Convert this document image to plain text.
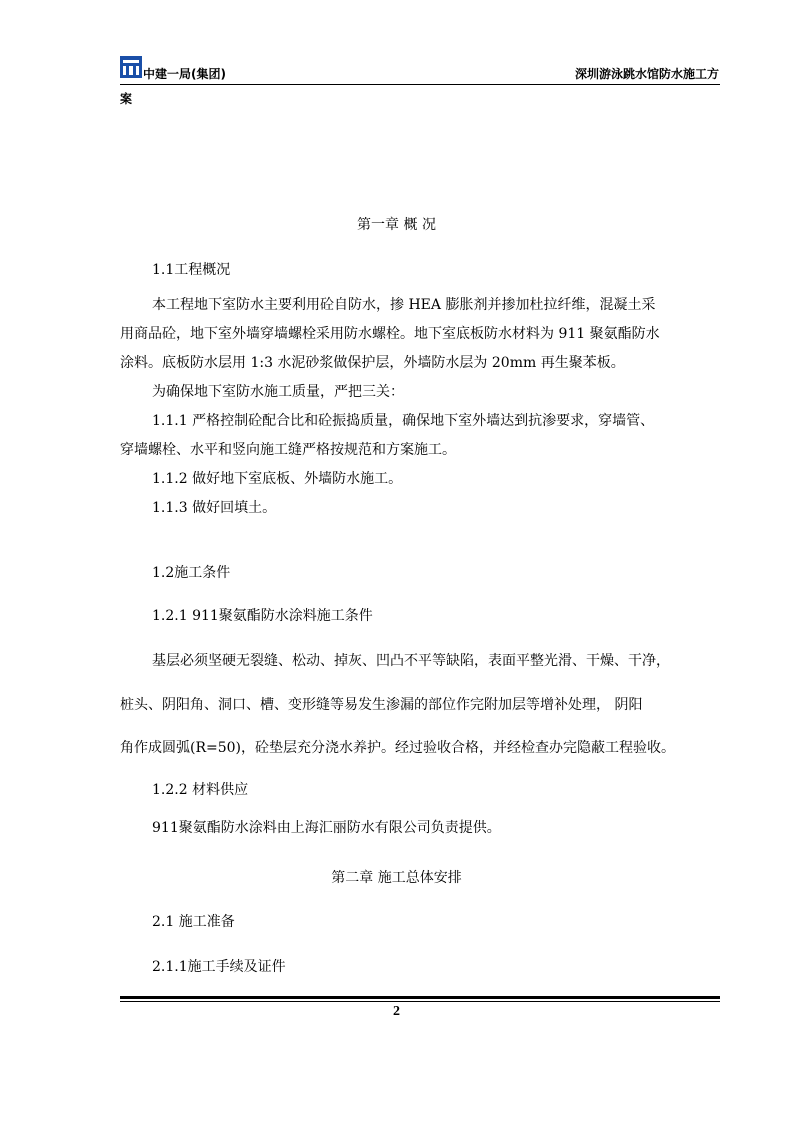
中建一局(集团)	深圳游泳跳水馆防水施工方
案
第一章 概 况
1.1工程概况
本工程地下室防水主要利用砼自防水，掺 HEA 膨胀剂并掺加杜拉纤维，混凝土采
用商品砼，地下室外墙穿墙螺栓采用防水螺栓。地下室底板防水材料为 911 聚氨酯防水
涂料。底板防水层用 1:3 水泥砂浆做保护层，外墙防水层为 20mm 再生聚苯板。
为确保地下室防水施工质量，严把三关：
1.1.1 严格控制砼配合比和砼振捣质量，确保地下室外墙达到抗渗要求，穿墙管、
穿墙螺栓、水平和竖向施工缝严格按规范和方案施工。
1.1.2 做好地下室底板、外墙防水施工。
1.1.3 做好回填土。
1.2施工条件
1.2.1 911聚氨酯防水涂料施工条件
基层必须坚硬无裂缝、松动、掉灰、凹凸不平等缺陷，表面平整光滑、干燥、干净，
桩头、阴阳角、洞口、槽、变形缝等易发生渗漏的部位作完附加层等增补处理， 阴阳
角作成圆弧(R=50)，砼垫层充分浇水养护。经过验收合格，并经检查办完隐蔽工程验收。
1.2.2 材料供应
911聚氨酯防水涂料由上海汇丽防水有限公司负责提供。
第二章 施工总体安排
2.1 施工准备
2.1.1施工手续及证件
2
